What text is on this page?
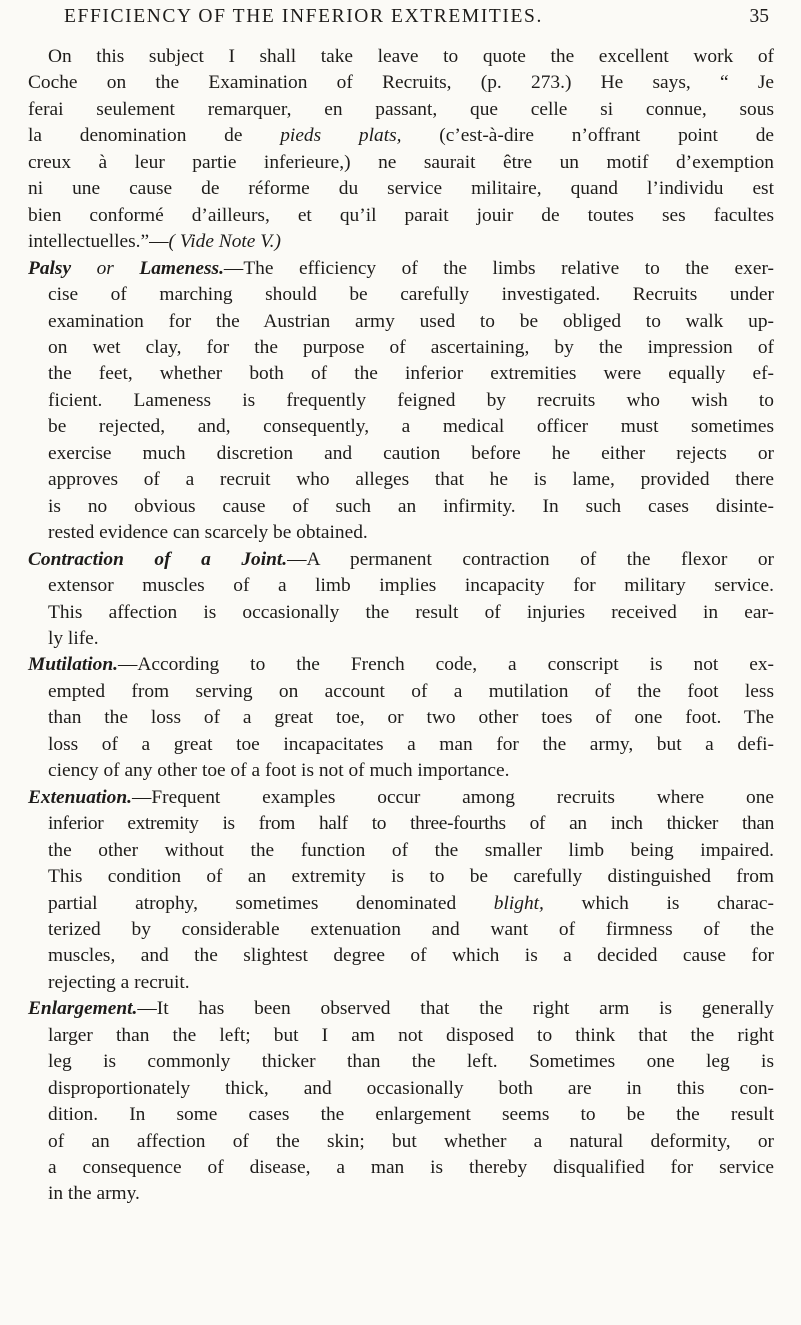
EFFICIENCY OF THE INFERIOR EXTREMITIES.	35
On this subject I shall take leave to quote the excellent work of
Coche on the Examination of Recruits, (p. 273.) He says, “ Je
ferai seulement remarquer, en passant, que celle si connue, sous
la denomination de pieds plats, (c’est-à-dire n’offrant point de
creux à leur partie inferieure,) ne saurait être un motif d’exemption
ni une cause de réforme du service militaire, quand l’individu est
bien conformé d’ailleurs, et qu’il parait jouir de toutes ses facultes
intellectuelles.”—( Vide Note V.)
Palsy or Lameness.—The efficiency of the limbs relative to the exer-
cise of marching should be carefully investigated. Recruits under
examination for the Austrian army used to be obliged to walk up-
on wet clay, for the purpose of ascertaining, by the impression of
the feet, whether both of the inferior extremities were equally ef-
ficient. Lameness is frequently feigned by recruits who wish to
be rejected, and, consequently, a medical officer must sometimes
exercise much discretion and caution before he either rejects or
approves of a recruit who alleges that he is lame, provided there
is no obvious cause of such an infirmity. In such cases disinte-
rested evidence can scarcely be obtained.
Contraction of a Joint.—A permanent contraction of the flexor or
extensor muscles of a limb implies incapacity for military service.
This affection is occasionally the result of injuries received in ear-
ly life.
Mutilation.—According to the French code, a conscript is not ex-
empted from serving on account of a mutilation of the foot less
than the loss of a great toe, or two other toes of one foot. The
loss of a great toe incapacitates a man for the army, but a defi-
ciency of any other toe of a foot is not of much importance.
Extenuation.—Frequent examples occur among recruits where one
inferior extremity is from half to three-fourths of an inch thicker than
the other without the function of the smaller limb being impaired.
This condition of an extremity is to be carefully distinguished from
partial atrophy, sometimes denominated blight, which is charac-
terized by considerable extenuation and want of firmness of the
muscles, and the slightest degree of which is a decided cause for
rejecting a recruit.
Enlargement.—It has been observed that the right arm is generally
larger than the left; but I am not disposed to think that the right
leg is commonly thicker than the left. Sometimes one leg is
disproportionately thick, and occasionally both are in this con-
dition. In some cases the enlargement seems to be the result
of an affection of the skin; but whether a natural deformity, or
a consequence of disease, a man is thereby disqualified for service
in the army.
